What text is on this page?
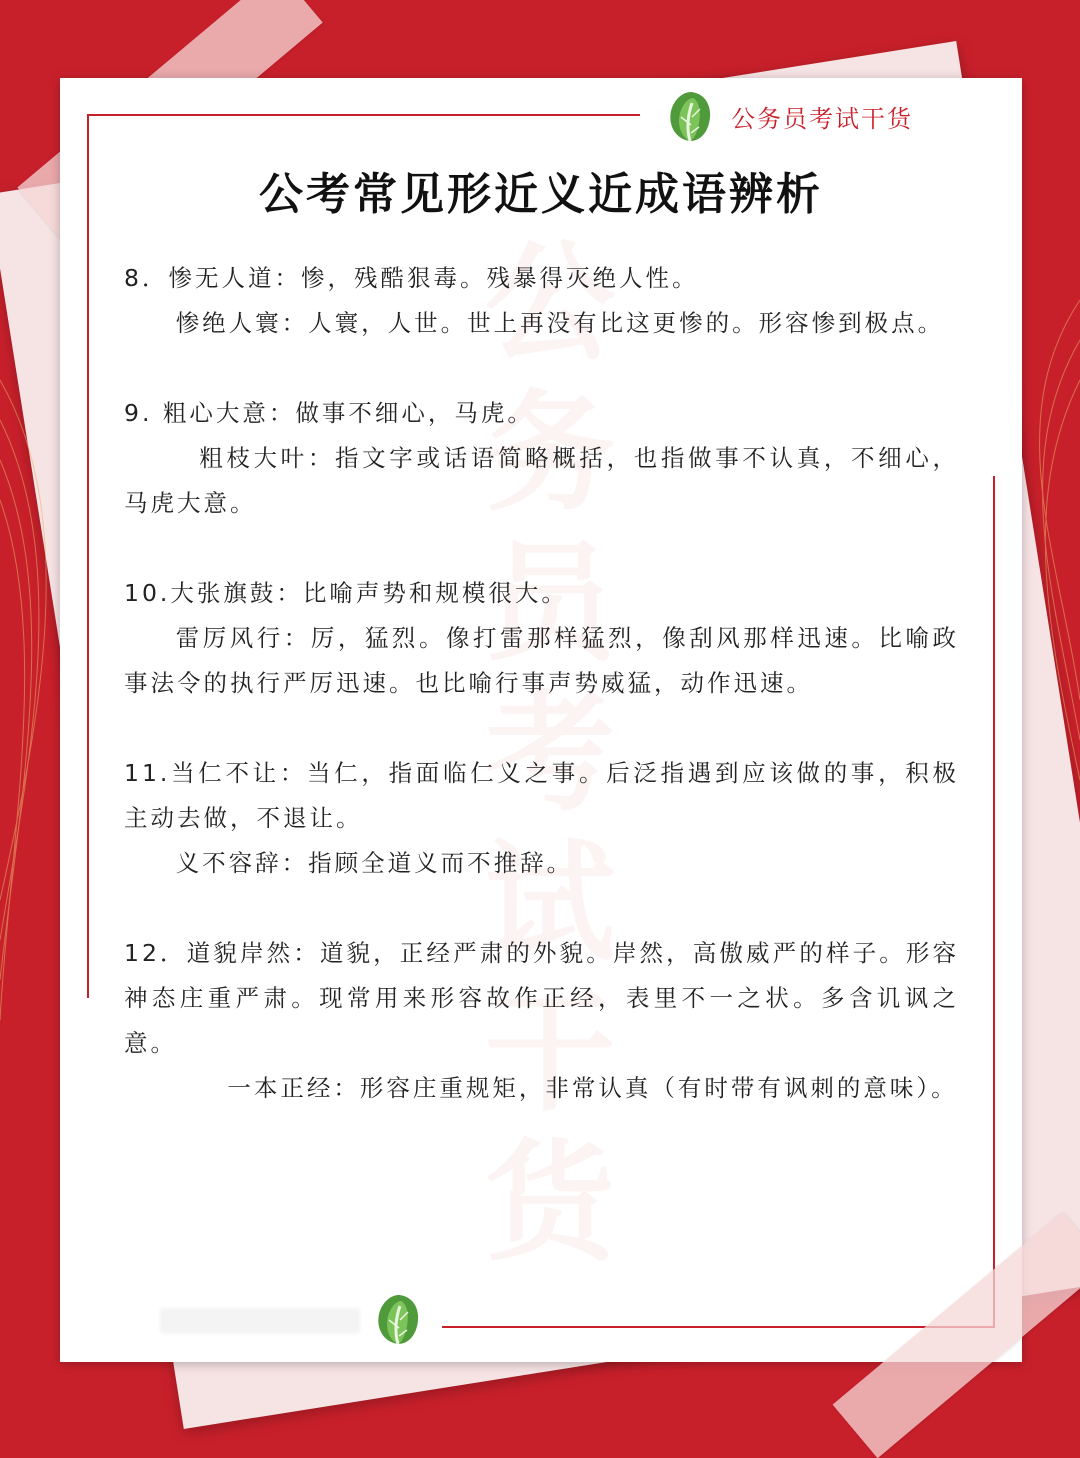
公务员考试干货
公务员考试干货
公考常见形近义近成语辨析

8．惨无人道：惨，残酷狠毒。残暴得灭绝人性。

惨绝人寰：人寰，人世。世上再没有比这更惨的。形容惨到极点。

9. 粗心大意：做事不细心，马虎。

粗枝大叶：指文字或话语简略概括，也指做事不认真，不细心，马虎大意。

10.大张旗鼓：比喻声势和规模很大。

雷厉风行：厉，猛烈。像打雷那样猛烈，像刮风那样迅速。比喻政事法令的执行严厉迅速。也比喻行事声势威猛，动作迅速。

11.当仁不让：当仁，指面临仁义之事。后泛指遇到应该做的事，积极主动去做，不退让。

义不容辞：指顾全道义而不推辞。

12．道貌岸然：道貌，正经严肃的外貌。岸然，高傲威严的样子。形容神态庄重严肃。现常用来形容故作正经，表里不一之状。多含讥讽之意。

一本正经：形容庄重规矩，非常认真（有时带有讽刺的意味）。
